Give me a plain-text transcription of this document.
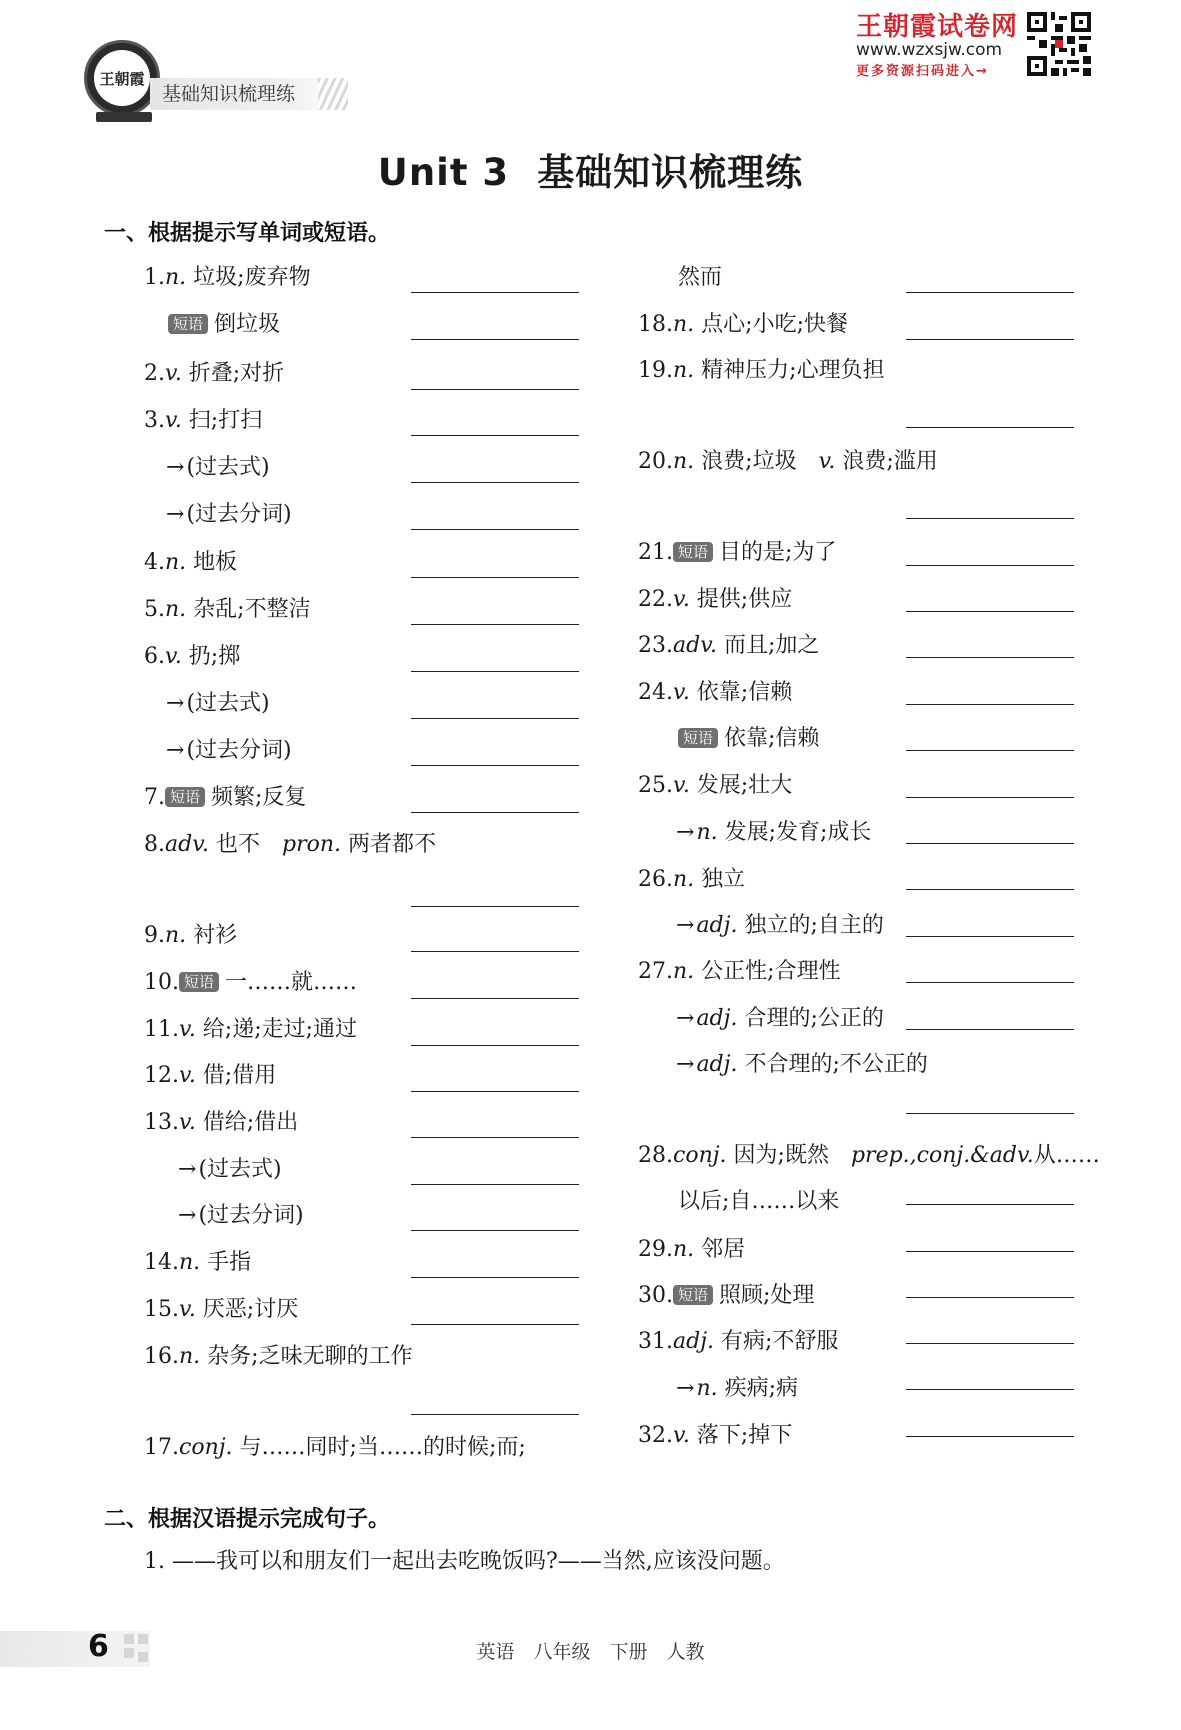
王朝霞
基础知识梳理练
王朝霞试卷网
www.wzxsjw.com
更多资源扫码进入→
Unit 3 基础知识梳理练
一、根据提示写单词或短语。
1.n. 垃圾;废弃物
短语 倒垃圾
2.v. 折叠;对折
3.v. 扫;打扫
→(过去式)
→(过去分词)
4.n. 地板
5.n. 杂乱;不整洁
6.v. 扔;掷
→(过去式)
→(过去分词)
7. 短语 频繁;反复
8.adv. 也不　pron. 两者都不
9.n. 衬衫
10. 短语 一……就……
11.v. 给;递;走过;通过
12.v. 借;借用
13.v. 借给;借出
→(过去式)
→(过去分词)
14.n. 手指
15.v. 厌恶;讨厌
16.n. 杂务;乏味无聊的工作
17.conj. 与……同时;当……的时候;而;
然而
18.n. 点心;小吃;快餐
19.n. 精神压力;心理负担
20.n. 浪费;垃圾　v. 浪费;滥用
21. 短语 目的是;为了
22.v. 提供;供应
23.adv. 而且;加之
24.v. 依靠;信赖
短语 依靠;信赖
25.v. 发展;壮大
→n. 发展;发育;成长
26.n. 独立
→adj. 独立的;自主的
27.n. 公正性;合理性
→adj. 合理的;公正的
→adj. 不合理的;不公正的
28.conj. 因为;既然　prep.,conj.&adv.从……
以后;自……以来
29.n. 邻居
30. 短语 照顾;处理
31.adj. 有病;不舒服
→n. 疾病;病
32.v. 落下;掉下
二、根据汉语提示完成句子。
1. ——我可以和朋友们一起出去吃晚饭吗?——当然,应该没问题。
6	英语　八年级　下册　人教
